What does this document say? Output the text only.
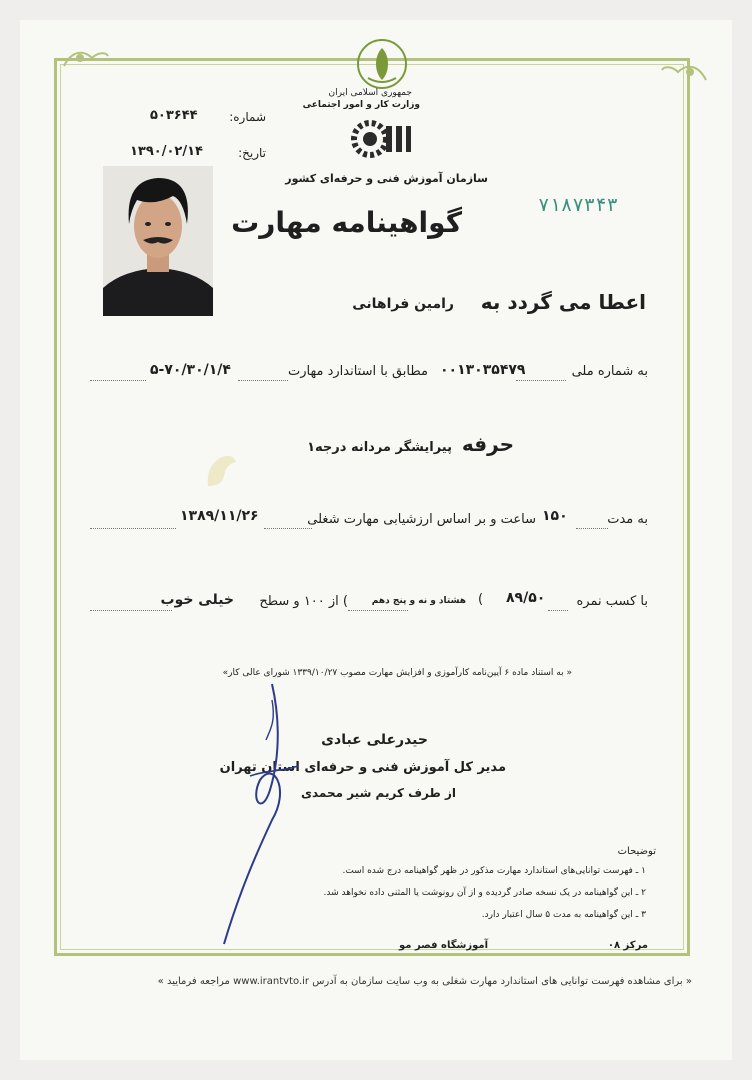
جمهوری اسلامی ایران
وزارت کار و امور اجتماعی
سازمان آموزش فنی و حرفه‌ای کشور
شماره:
۵۰۳۶۴۴
تاریخ:
۱۳۹۰/۰۲/۱۴
۷۱۸۷۳۴۳
گواهینامه مهارت
اعطا می گردد به
رامین فراهانی
به شماره ملی
۰۰۱۳۰۳۵۴۷۹
مطابق با استاندارد مهارت
۵-۷۰/۳۰/۱/۴
حرفه
پیرایشگر مردانه درجه۱
به مدت
۱۵۰
ساعت و بر اساس ارزشیابی مهارت شغلی
۱۳۸۹/۱۱/۲۶
با کسب نمره
۸۹/۵۰
(
هشتاد و نه و پنج دهم
) از ۱۰۰ و سطح
خیلی خوب
« به استناد ماده ۶ آیین‌نامه کارآموزی و افزایش مهارت مصوب ۱۳۳۹/۱۰/۲۷ شورای عالی کار»
حیدرعلی عبادی
مدیر کل آموزش فنی و حرفه‌ای استان تهران
از طرف کریم شیر محمدی
توضیحات
۱ ـ فهرست توانایی‌های استاندارد مهارت مذکور در ظهر گواهینامه درج شده است.
۲ ـ این گواهینامه در یک نسخه صادر گردیده و از آن رونوشت یا المثنی داده نخواهد شد.
۳ ـ این گواهینامه به مدت ۵ سال اعتبار دارد.
مرکز ۰۸
آموزشگاه فصر مو
« برای مشاهده فهرست توانایی های استاندارد مهارت شغلی به وب سایت سازمان به آدرس www.irantvto.ir مراجعه فرمایید »
